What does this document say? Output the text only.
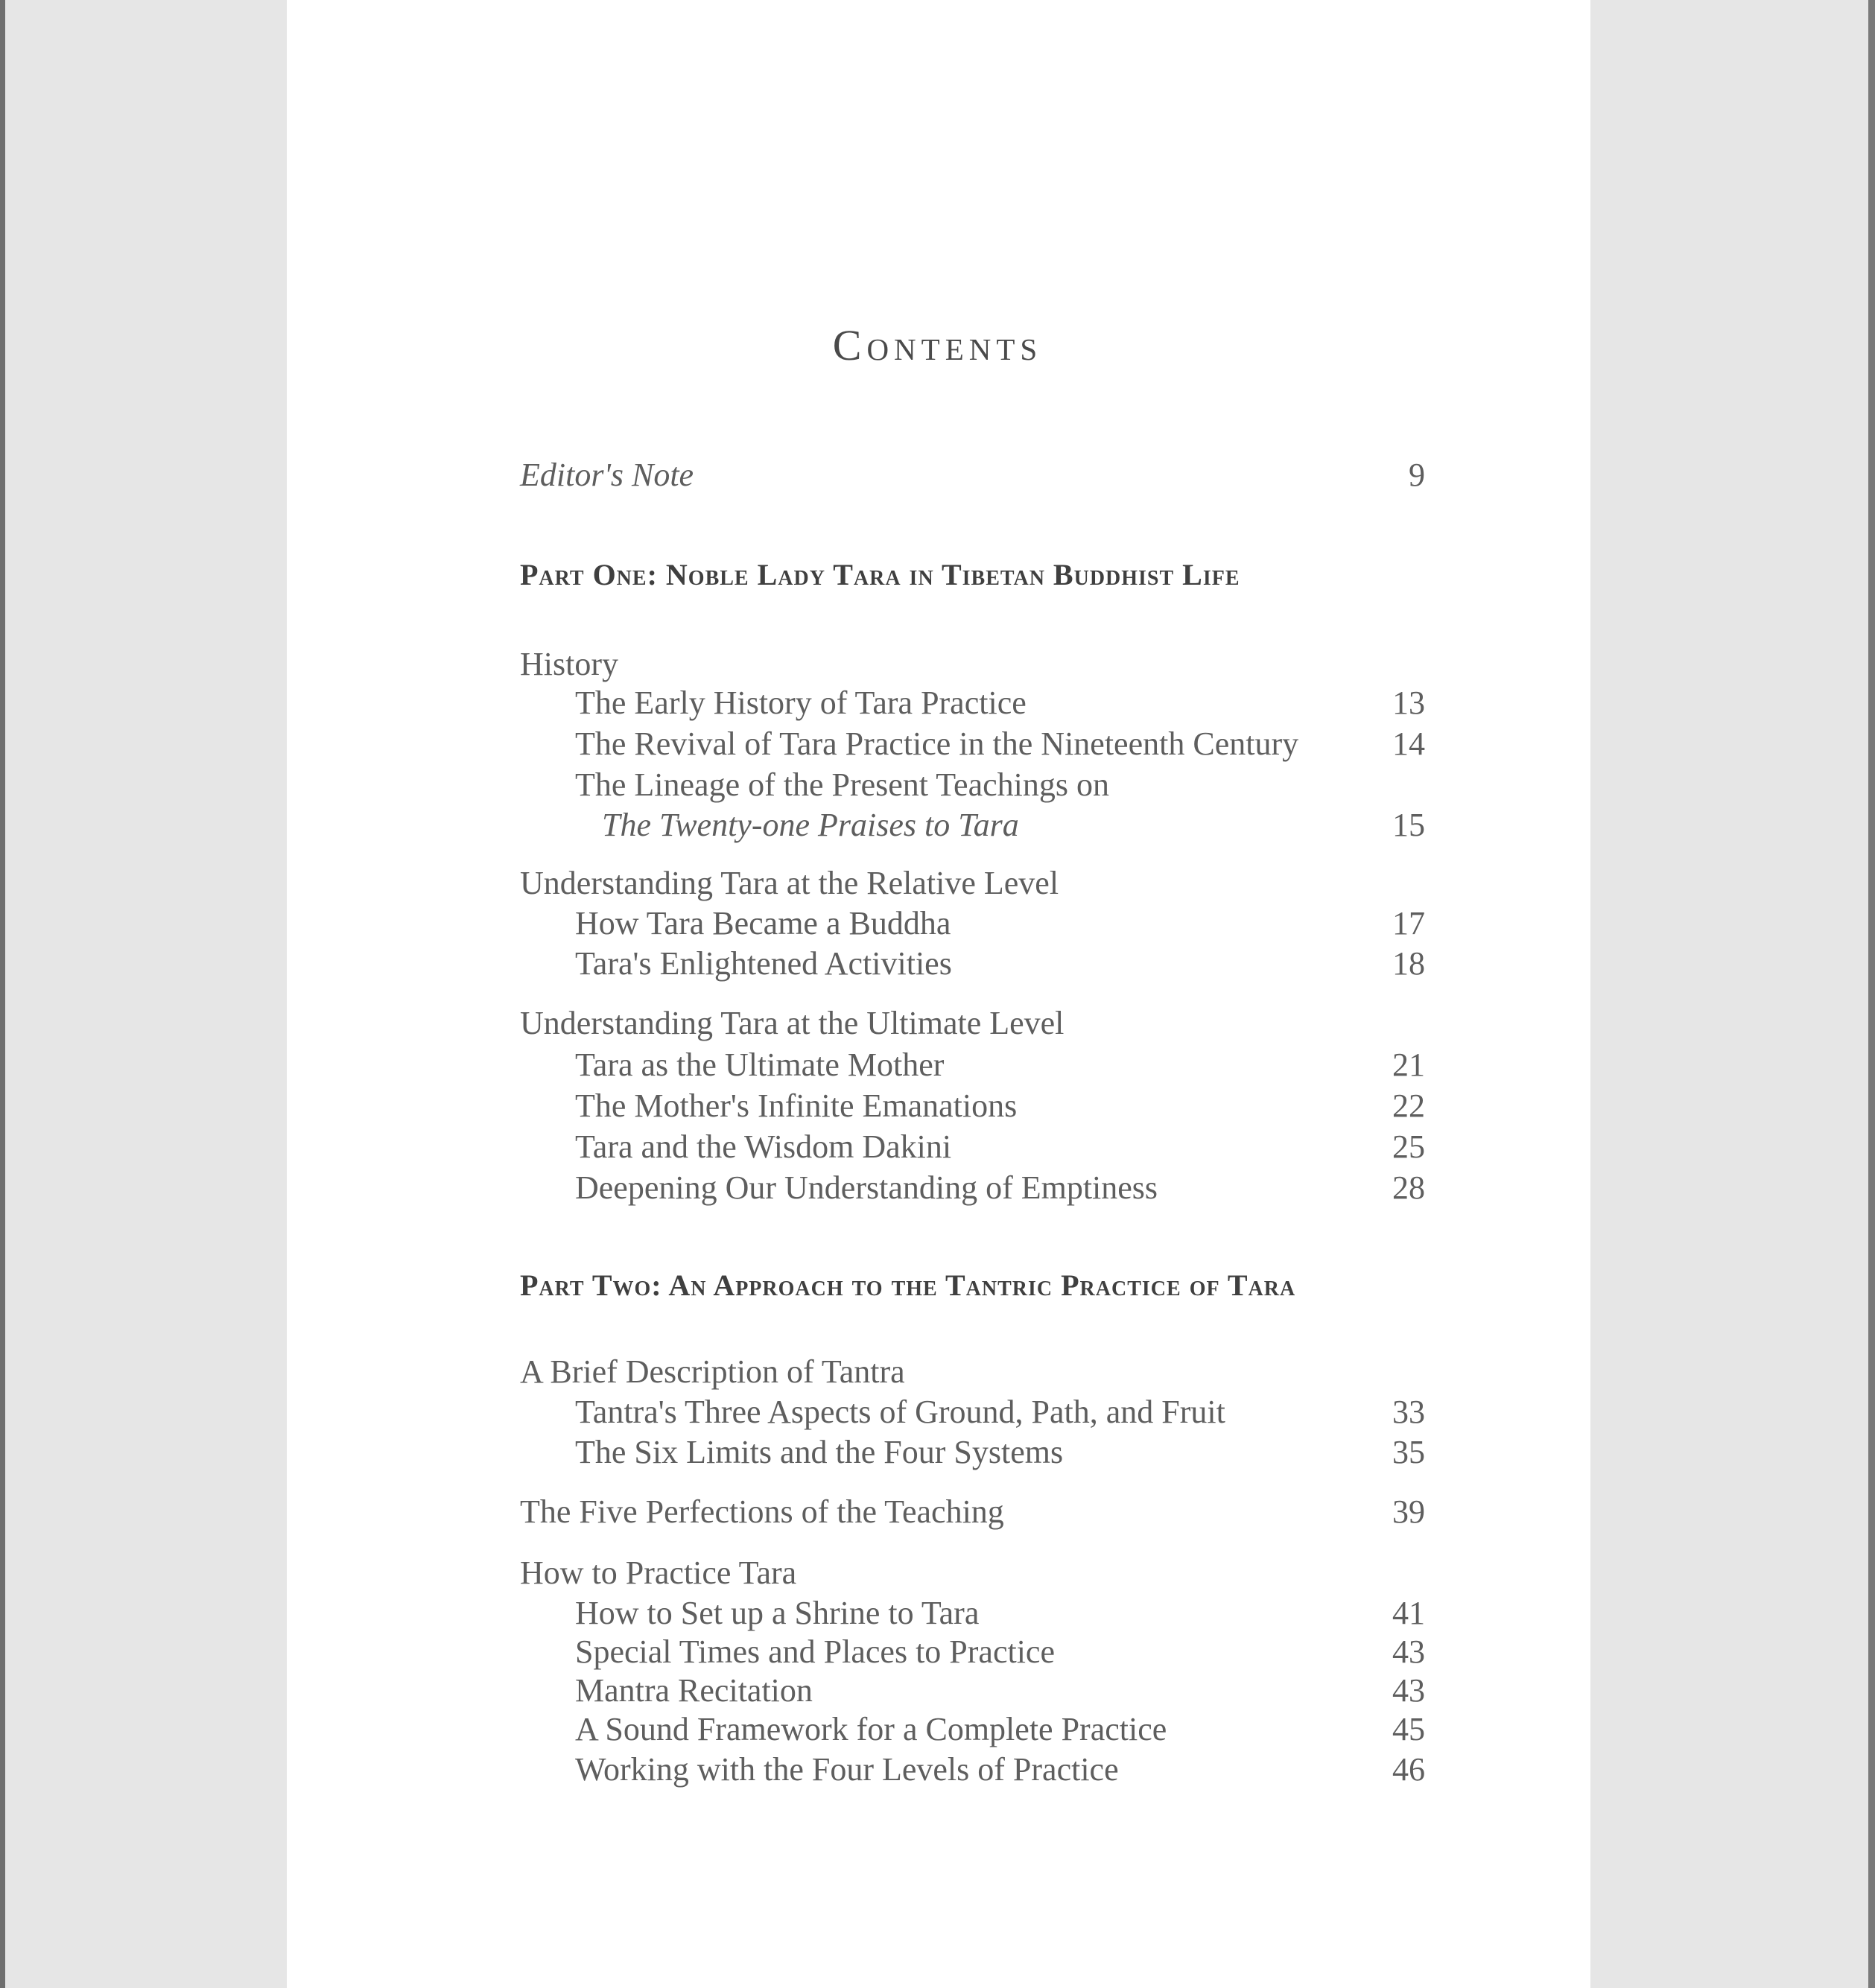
Contents
Editor's Note	9
Part One: Noble Lady Tara in Tibetan Buddhist Life
History
The Early History of Tara Practice	13
The Revival of Tara Practice in the Nineteenth Century	14
The Lineage of the Present Teachings on
The Twenty-one Praises to Tara	15
Understanding Tara at the Relative Level
How Tara Became a Buddha	17
Tara's Enlightened Activities	18
Understanding Tara at the Ultimate Level
Tara as the Ultimate Mother	21
The Mother's Infinite Emanations	22
Tara and the Wisdom Dakini	25
Deepening Our Understanding of Emptiness	28
Part Two: An Approach to the Tantric Practice of Tara
A Brief Description of Tantra
Tantra's Three Aspects of Ground, Path, and Fruit	33
The Six Limits and the Four Systems	35
The Five Perfections of the Teaching	39
How to Practice Tara
How to Set up a Shrine to Tara	41
Special Times and Places to Practice	43
Mantra Recitation	43
A Sound Framework for a Complete Practice	45
Working with the Four Levels of Practice	46
